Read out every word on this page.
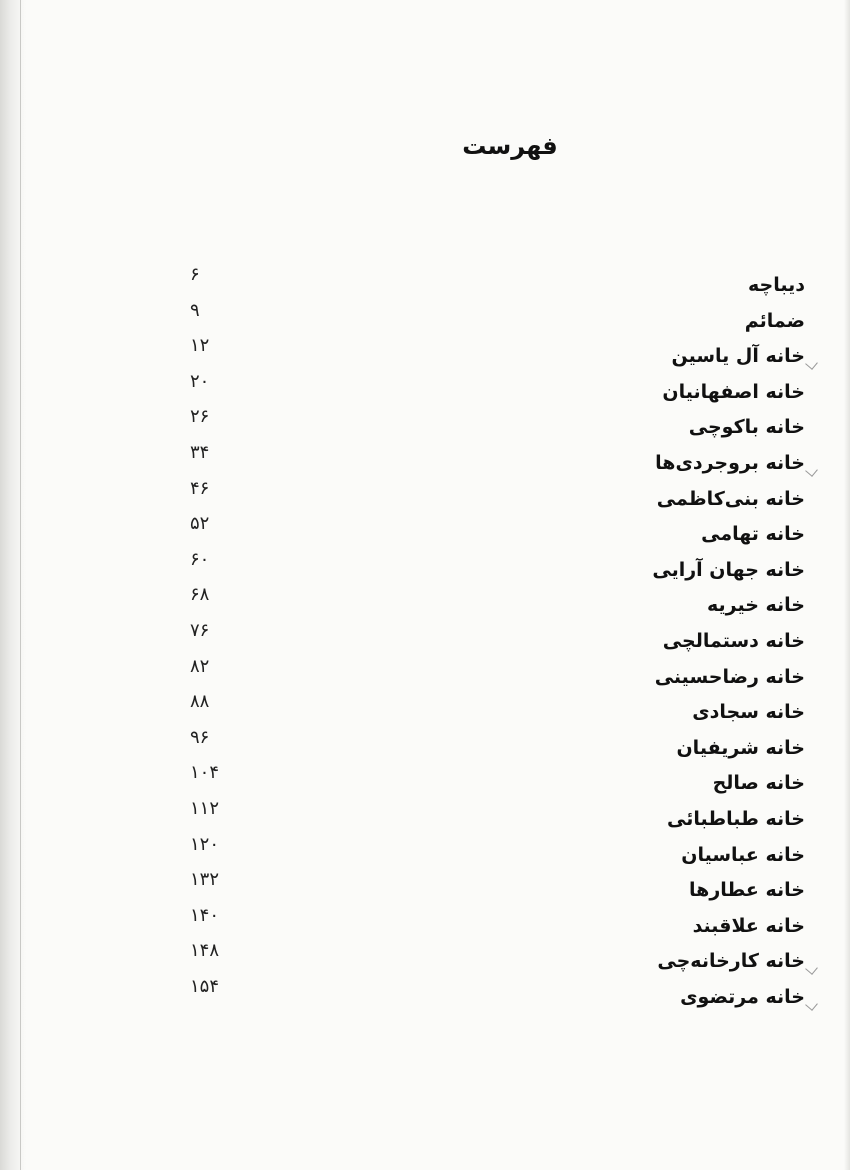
فهرست
دیباچه
۶
ضمائم
۹
خانه آل یاسین
۱۲
خانه اصفهانیان
۲۰
خانه باکوچی
۲۶
خانه بروجردی‌ها
۳۴
خانه بنی‌کاظمی
۴۶
خانه تهامی
۵۲
خانه جهان آرایی
۶۰
خانه خیریه
۶۸
خانه دستمالچی
۷۶
خانه رضاحسینی
۸۲
خانه سجادی
۸۸
خانه شریفیان
۹۶
خانه صالح
۱۰۴
خانه طباطبائی
۱۱۲
خانه عباسیان
۱۲۰
خانه عطارها
۱۳۲
خانه علاقبند
۱۴۰
خانه کارخانه‌چی
۱۴۸
خانه مرتضوی
۱۵۴
